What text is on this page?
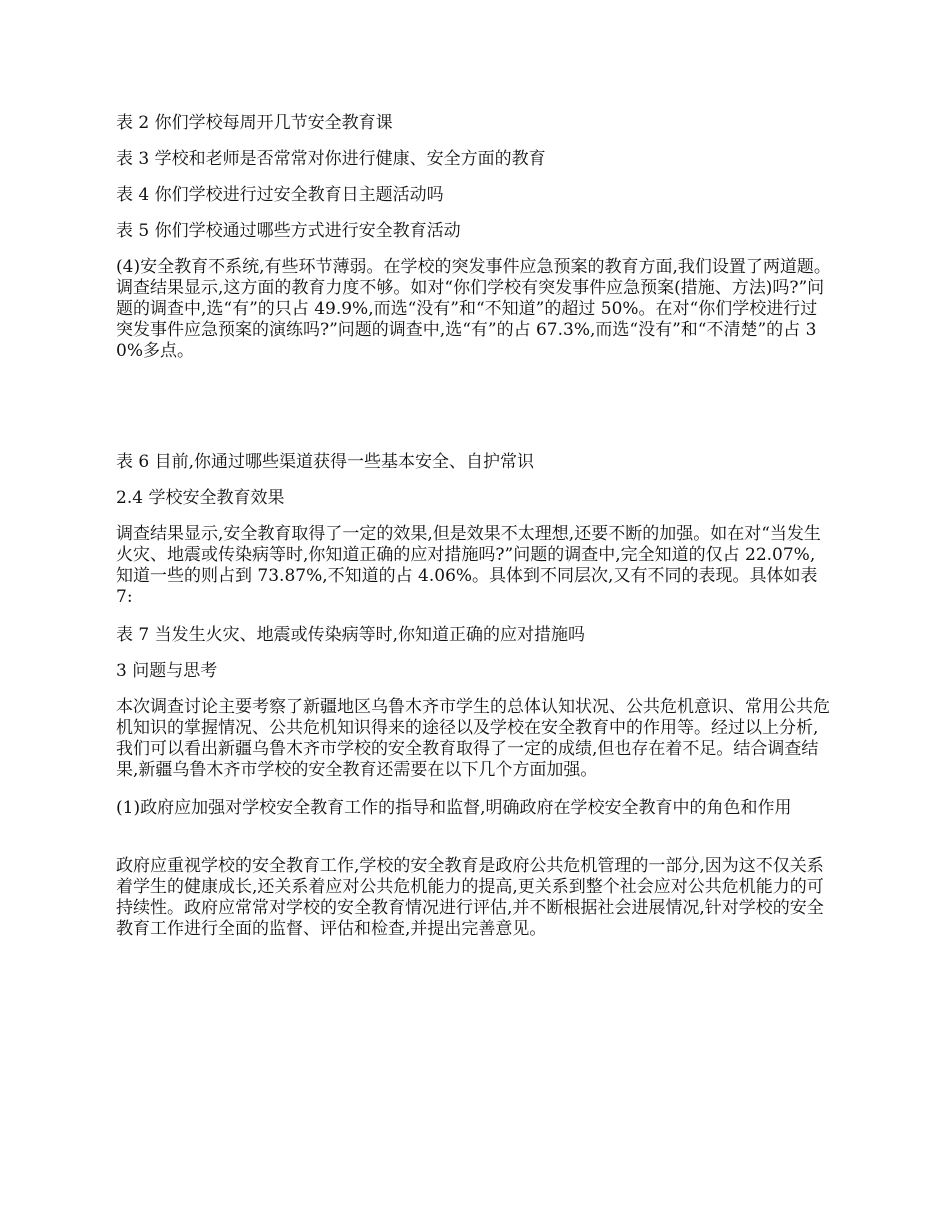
表 2 你们学校每周开几节安全教育课

表 3 学校和老师是否常常对你进行健康、安全方面的教育

表 4 你们学校进行过安全教育日主题活动吗

表 5 你们学校通过哪些方式进行安全教育活动

(4)安全教育不系统,有些环节薄弱。在学校的突发事件应急预案的教育方面,我们设置了两道题。调查结果显示,这方面的教育力度不够。如对“你们学校有突发事件应急预案(措施、方法)吗?”问题的调查中,选“有”的只占 49.9%,而选“没有”和“不知道”的超过 50%。在对“你们学校进行过突发事件应急预案的演练吗?”问题的调查中,选“有”的占 67.3%,而选“没有”和“不清楚”的占 30%多点。

表 6 目前,你通过哪些渠道获得一些基本安全、自护常识

2.4 学校安全教育效果

调查结果显示,安全教育取得了一定的效果,但是效果不太理想,还要不断的加强。如在对“当发生火灾、地震或传染病等时,你知道正确的应对措施吗?”问题的调查中,完全知道的仅占 22.07%,知道一些的则占到 73.87%,不知道的占 4.06%。具体到不同层次,又有不同的表现。具体如表 7:

表 7 当发生火灾、地震或传染病等时,你知道正确的应对措施吗

3 问题与思考

本次调查讨论主要考察了新疆地区乌鲁木齐市学生的总体认知状况、公共危机意识、常用公共危机知识的掌握情况、公共危机知识得来的途径以及学校在安全教育中的作用等。经过以上分析,我们可以看出新疆乌鲁木齐市学校的安全教育取得了一定的成绩,但也存在着不足。结合调查结果,新疆乌鲁木齐市学校的安全教育还需要在以下几个方面加强。

(1)政府应加强对学校安全教育工作的指导和监督,明确政府在学校安全教育中的角色和作用

政府应重视学校的安全教育工作,学校的安全教育是政府公共危机管理的一部分,因为这不仅关系着学生的健康成长,还关系着应对公共危机能力的提高,更关系到整个社会应对公共危机能力的可持续性。政府应常常对学校的安全教育情况进行评估,并不断根据社会进展情况,针对学校的安全教育工作进行全面的监督、评估和检查,并提出完善意见。
